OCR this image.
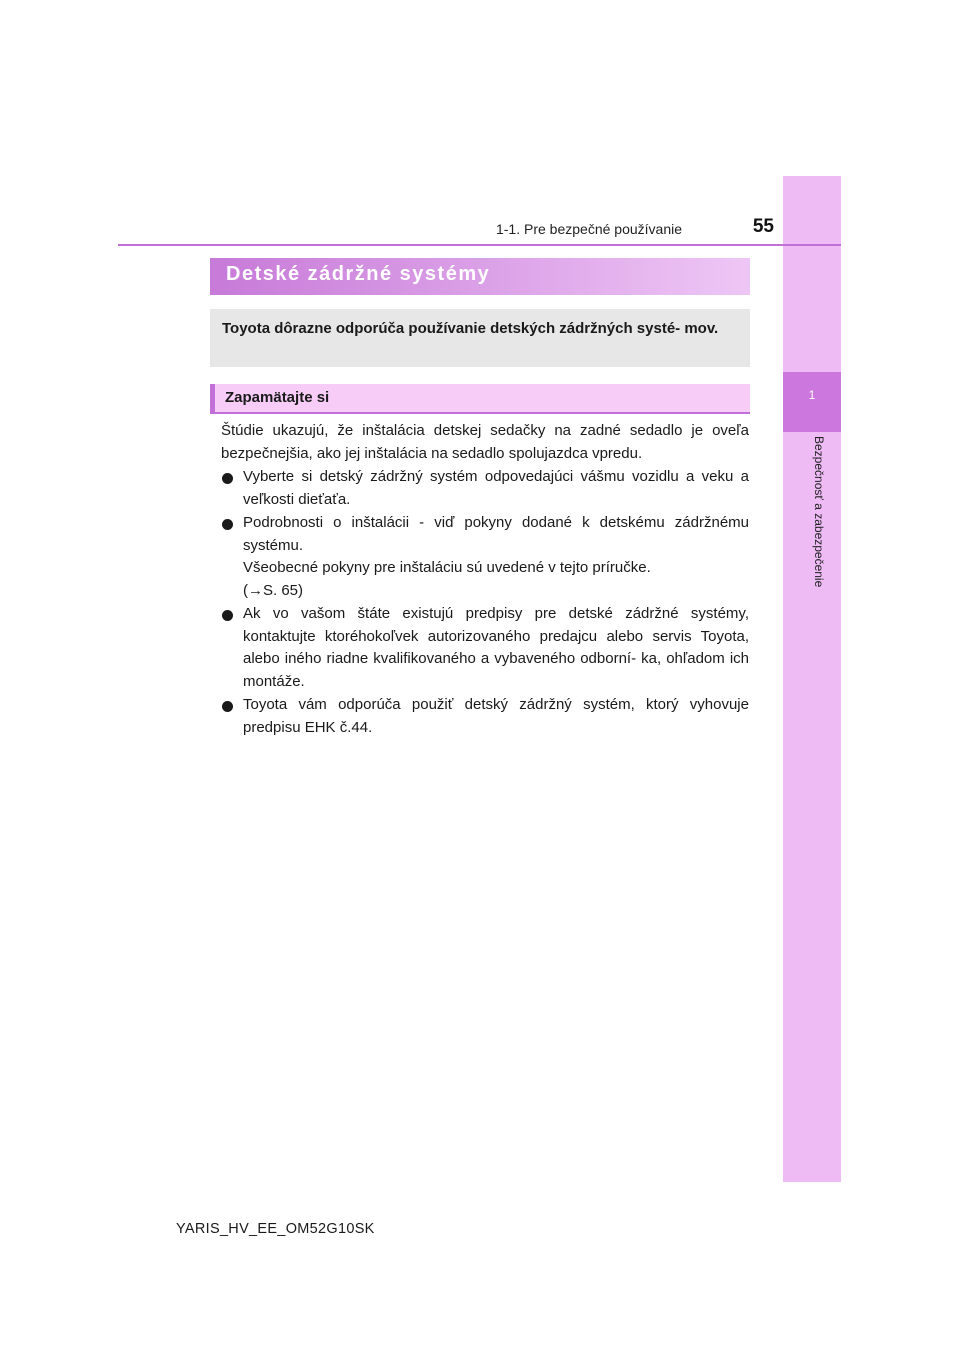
1
Bezpečnosť a zabezpečenie
1-1. Pre bezpečné používanie	55
Detské zádržné systémy
Toyota dôrazne odporúča používanie detských zádržných systé- mov.
Zapamätajte si

Štúdie ukazujú, že inštalácia detskej sedačky na zadné sedadlo je oveľa bezpečnejšia, ako jej inštalácia na sedadlo spolujazdca vpredu.

Vyberte si detský zádržný systém odpovedajúci vášmu vozidlu a veku a veľkosti dieťaťa.
Podrobnosti o inštalácii - viď pokyny dodané k detskému zádržnému systému.
Všeobecné pokyny pre inštaláciu sú uvedené v tejto príručke.
(→S. 65)
Ak vo vašom štáte existujú predpisy pre detské zádržné systémy, kontaktujte ktoréhokoľvek autorizovaného predajcu alebo servis Toyota, alebo iného riadne kvalifikovaného a vybaveného odborní- ka, ohľadom ich montáže.
Toyota vám odporúča použiť detský zádržný systém, ktorý vyhovuje predpisu EHK č.44.
YARIS_HV_EE_OM52G10SK
